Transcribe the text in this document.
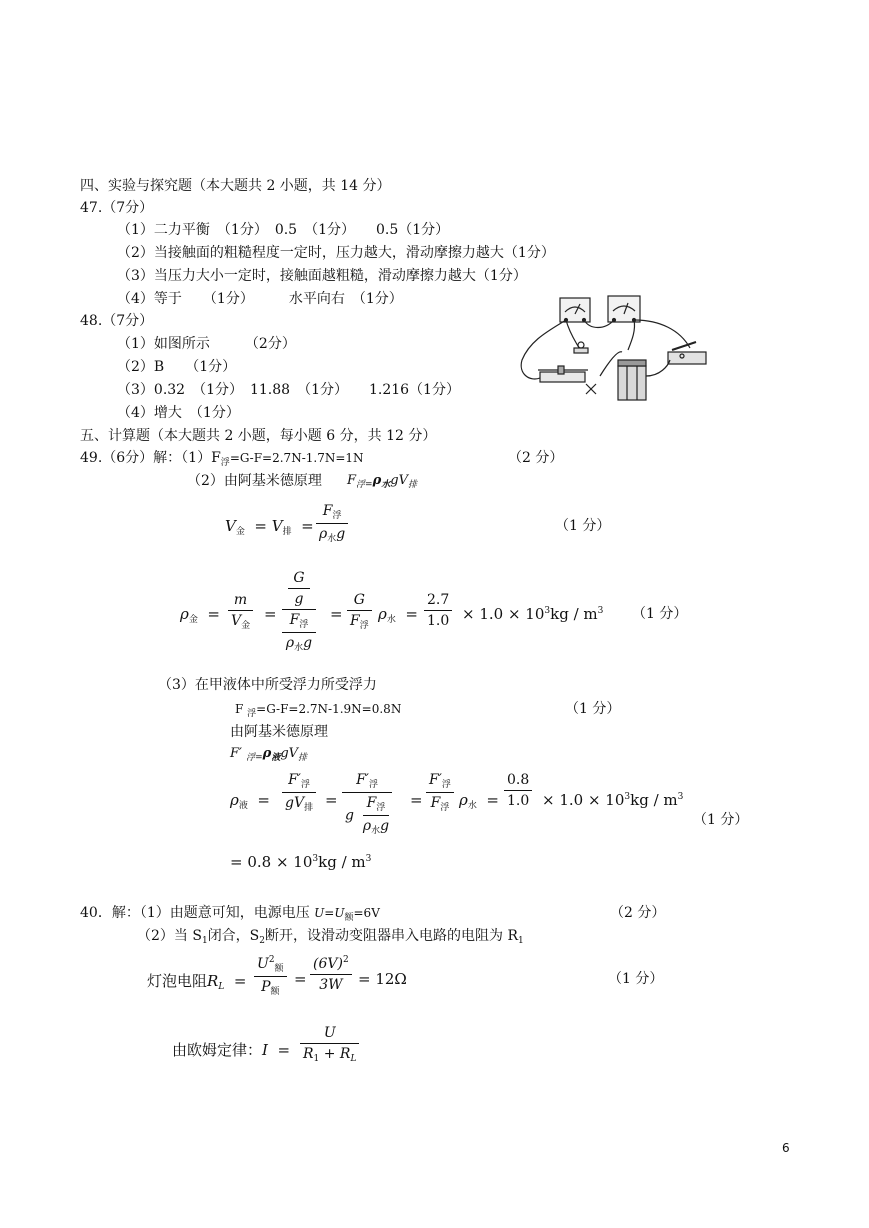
四、实验与探究题（本大题共 2 小题，共 14 分）
47.（7分）
（1）二力平衡　（1分）　0.5　（1分）　　0.5（1分）
（2）当接触面的粗糙程度一定时，压力越大，滑动摩擦力越大（1分）
（3）当压力大小一定时，接触面越粗糙，滑动摩擦力越大（1分）
（4）等于　　（1分）　　　水平向右　（1分）
48.（7分）
（1）如图所示　　　（2分）
（2）B　　（1分）
（3）0.32　（1分）　11.88　（1分）　　1.216（1分）
（4）增大　（1分）
五、计算题（本大题共 2 小题，每小题 6 分，共 12 分）
49.（6分）解：$(1)F_浮=G-F=2.7N-1.7N=1N$	（2 分）
（2）由阿基米德原理 $F_{浮=}\rho_水gV_排$
$V_金 = V_排$  =
$F_浮$
$\rho_水g$	（1 分）
$\rho_金$  =
m
$V_金$
=
G
g
$F_浮$
$\rho_水g$
=
G
$F_浮$
$\rho_水$  =
2.7
$1.0 \times 1.0 \times 10^3kg / m^3$ （1 分）
（3）在甲液体中所受浮力所受浮力
F $_浮$=G-F=2.7N-1.9N=0.8N	（1 分）
由阿基米德原理
F′ $_{浮=}\rho_液gV_排$
$\rho_液$  =
$F'_浮$
$gV_排$ =
$F'_浮$
g
$F_浮$
$\rho_水g$
=
$F'_浮$
$F_浮$ $\rho_水$  =
0.8
$1.0 \times 1.0 \times 10^3kg / m^3$
（1 分）
= $0.8 \times 10^3kg / m^3$
40．解：（1）由题意可知，电源电压 $U=U_额=6V$	（2 分）
（2）当 $S_1$闭合，$S_2$断开，设滑动变阻器串入电路的电阻为 $R_1$
灯泡电阻$R_L$  =
$U^2_额$
$P_额$
=
$(6V)^2$
3W	= 12Ω	（1 分）
由欧姆定律：I  =
U
$R_1 + R_L$
6
